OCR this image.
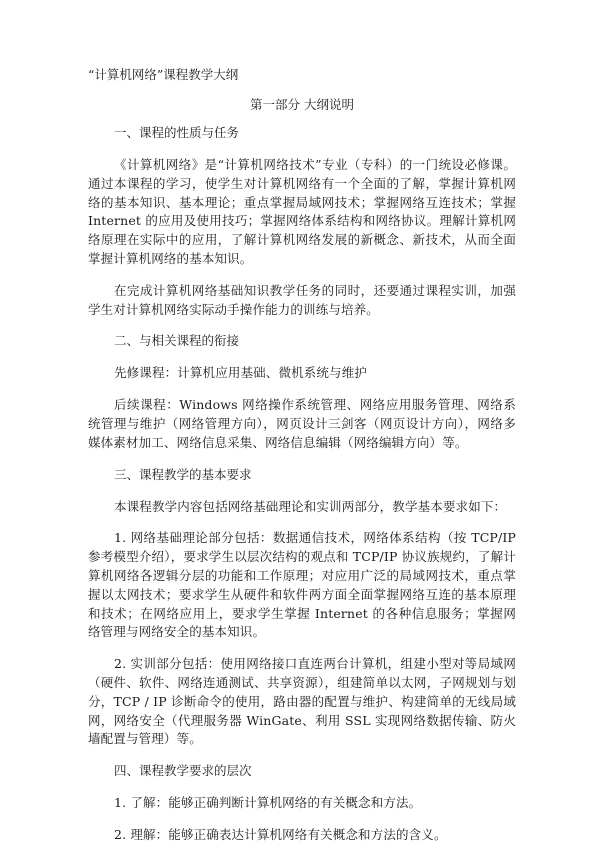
“计算机网络”课程教学大纲
第一部分 大纲说明
一、课程的性质与任务

《计算机网络》是“计算机网络技术”专业（专科）的一门统设必修课。通过本课程的学习，使学生对计算机网络有一个全面的了解，掌握计算机网络的基本知识、基本理论；重点掌握局域网技术；掌握网络互连技术；掌握 Internet 的应用及使用技巧；掌握网络体系结构和网络协议。理解计算机网络原理在实际中的应用，了解计算机网络发展的新概念、新技术，从而全面掌握计算机网络的基本知识。

在完成计算机网络基础知识教学任务的同时，还要通过课程实训，加强学生对计算机网络实际动手操作能力的训练与培养。

二、与相关课程的衔接

先修课程：计算机应用基础、微机系统与维护

后续课程：Windows 网络操作系统管理、网络应用服务管理、网络系统管理与维护（网络管理方向），网页设计三剑客（网页设计方向），网络多媒体素材加工、网络信息采集、网络信息编辑（网络编辑方向）等。

三、课程教学的基本要求

本课程教学内容包括网络基础理论和实训两部分，教学基本要求如下：

1. 网络基础理论部分包括：数据通信技术，网络体系结构（按 TCP/IP 参考模型介绍），要求学生以层次结构的观点和 TCP/IP 协议族规约，了解计算机网络各逻辑分层的功能和工作原理；对应用广泛的局域网技术，重点掌握以太网技术；要求学生从硬件和软件两方面全面掌握网络互连的基本原理和技术；在网络应用上，要求学生掌握 Internet 的各种信息服务；掌握网络管理与网络安全的基本知识。

2. 实训部分包括：使用网络接口直连两台计算机，组建小型对等局域网（硬件、软件、网络连通测试、共享资源），组建简单以太网，子网规划与划分，TCP / IP 诊断命令的使用，路由器的配置与维护、构建简单的无线局域网，网络安全（代理服务器 WinGate、利用 SSL 实现网络数据传输、防火墙配置与管理）等。

四、课程教学要求的层次

1. 了解：能够正确判断计算机网络的有关概念和方法。

2. 理解：能够正确表达计算机网络有关概念和方法的含义。
